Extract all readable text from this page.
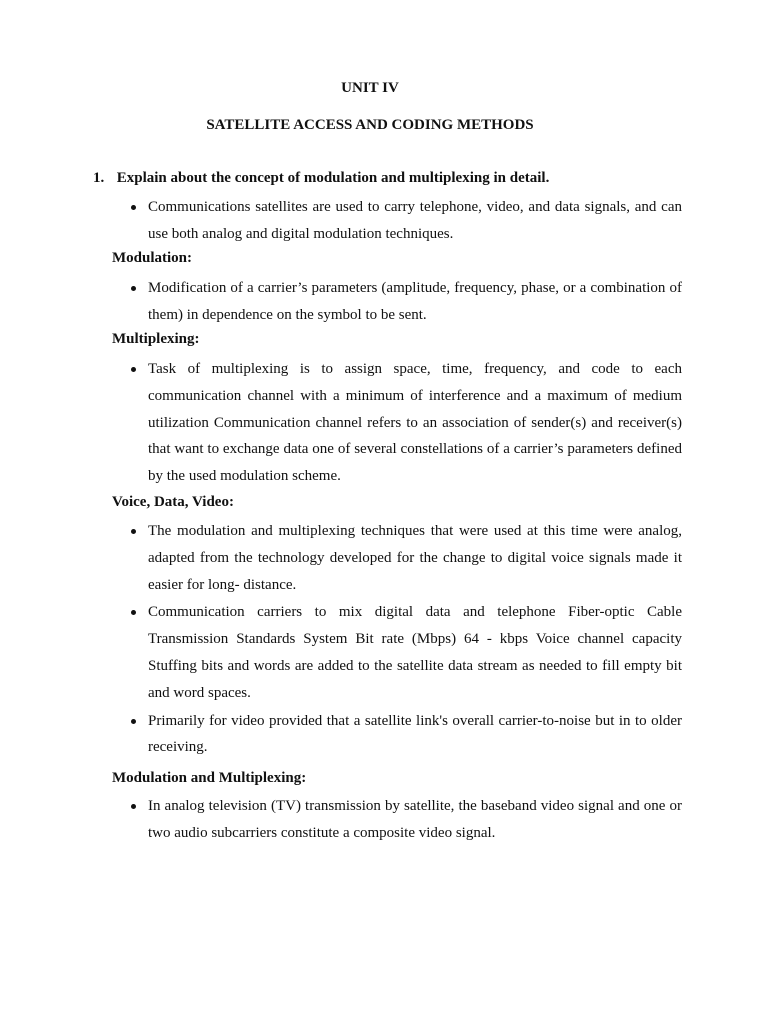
UNIT IV
SATELLITE ACCESS AND CODING METHODS
1. Explain about the concept of modulation and multiplexing in detail.
Communications satellites are used to carry telephone, video, and data signals, and can use both analog and digital modulation techniques.
Modulation:
Modification of a carrier’s parameters (amplitude, frequency, phase, or a combination of them) in dependence on the symbol to be sent.
Multiplexing:
Task of multiplexing is to assign space, time, frequency, and code to each communication channel with a minimum of interference and a maximum of medium utilization Communication channel refers to an association of sender(s) and receiver(s) that want to exchange data one of several constellations of a carrier’s parameters defined by the used modulation scheme.
Voice, Data, Video:
The modulation and multiplexing techniques that were used at this time were analog, adapted from the technology developed for the change to digital voice signals made it easier for long- distance.
Communication carriers to mix digital data and telephone Fiber-optic Cable Transmission Standards System Bit rate (Mbps) 64 - kbps Voice channel capacity Stuffing bits and words are added to the satellite data stream as needed to fill empty bit and word spaces.
Primarily for video provided that a satellite link's overall carrier-to-noise but in to older receiving.
Modulation and Multiplexing:
In analog television (TV) transmission by satellite, the baseband video signal and one or two audio subcarriers constitute a composite video signal.
